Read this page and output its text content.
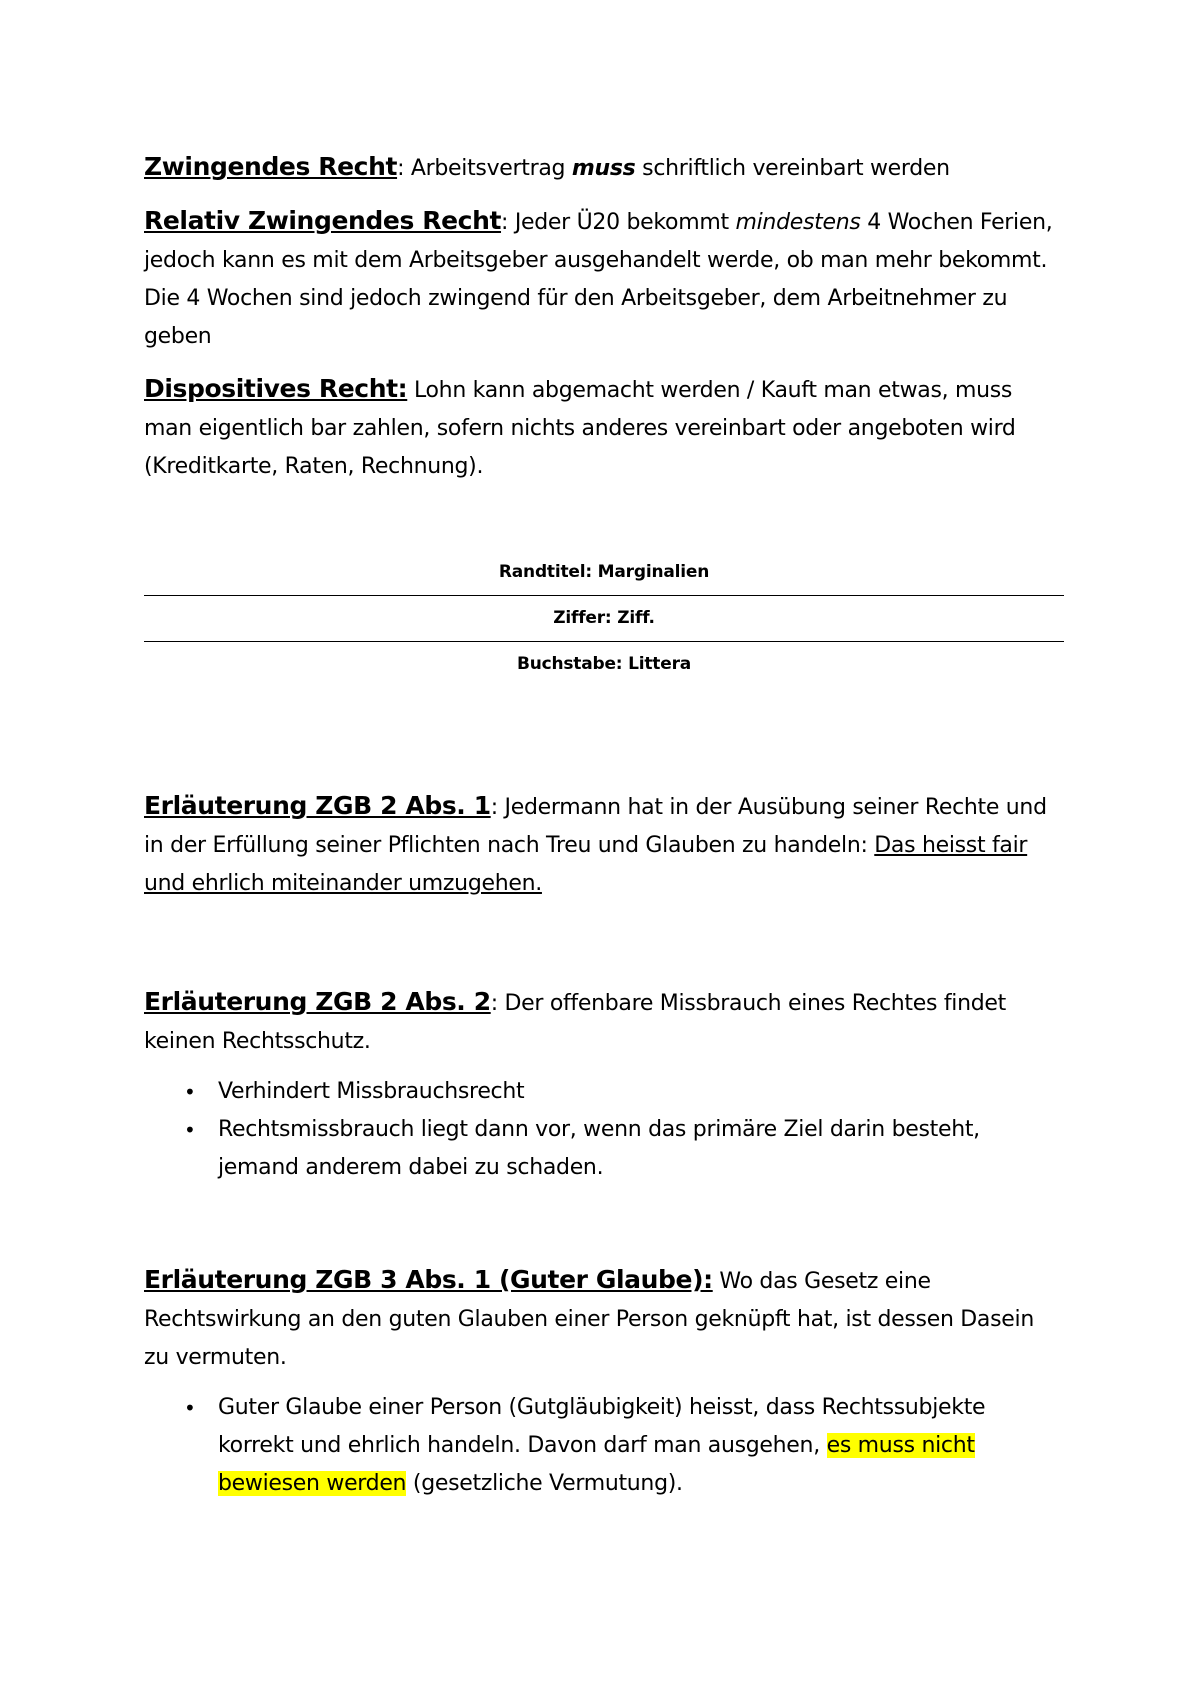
Zwingendes Recht: Arbeitsvertrag muss schriftlich vereinbart werden

Relativ Zwingendes Recht: Jeder Ü20 bekommt mindestens 4 Wochen Ferien, jedoch kann es mit dem Arbeitsgeber ausgehandelt werde, ob man mehr bekommt. Die 4 Wochen sind jedoch zwingend für den Arbeitsgeber, dem Arbeitnehmer zu geben

Dispositives Recht: Lohn kann abgemacht werden / Kauft man etwas, muss man eigentlich bar zahlen, sofern nichts anderes vereinbart oder angeboten wird (Kreditkarte, Raten, Rechnung).

Randtitel: Marginalien
Ziffer: Ziff.
Buchstabe: Littera

Erläuterung ZGB 2 Abs. 1: Jedermann hat in der Ausübung seiner Rechte und in der Erfüllung seiner Pflichten nach Treu und Glauben zu handeln: Das heisst fair und ehrlich miteinander umzugehen.

Erläuterung ZGB 2 Abs. 2: Der offenbare Missbrauch eines Rechtes findet keinen Rechtsschutz.

• Verhindert Missbrauchsrecht
• Rechtsmissbrauch liegt dann vor, wenn das primäre Ziel darin besteht, jemand anderem dabei zu schaden.

Erläuterung ZGB 3 Abs. 1 (Guter Glaube): Wo das Gesetz eine Rechtswirkung an den guten Glauben einer Person geknüpft hat, ist dessen Dasein zu vermuten.

• Guter Glaube einer Person (Gutgläubigkeit) heisst, dass Rechtssubjekte korrekt und ehrlich handeln. Davon darf man ausgehen, es muss nicht bewiesen werden (gesetzliche Vermutung).
